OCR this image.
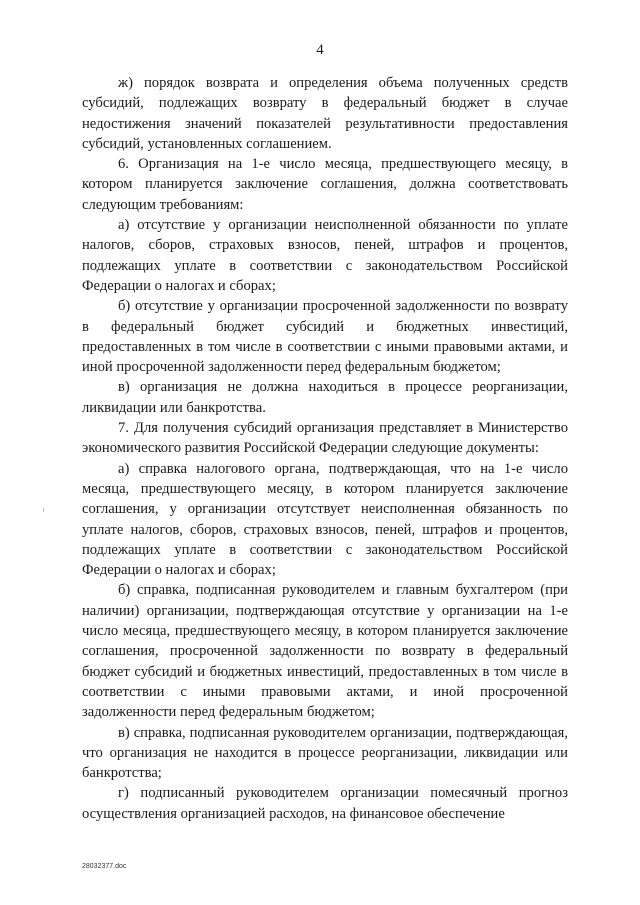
4

ж) порядок возврата и определения объема полученных средств субсидий, подлежащих возврату в федеральный бюджет в случае недостижения значений показателей результативности предоставления субсидий, установленных соглашением.

6. Организация на 1-е число месяца, предшествующего месяцу, в котором планируется заключение соглашения, должна соответствовать следующим требованиям:

а) отсутствие у организации неисполненной обязанности по уплате налогов, сборов, страховых взносов, пеней, штрафов и процентов, подлежащих уплате в соответствии с законодательством Российской Федерации о налогах и сборах;

б) отсутствие у организации просроченной задолженности по возврату в федеральный бюджет субсидий и бюджетных инвестиций, предоставленных в том числе в соответствии с иными правовыми актами, и иной просроченной задолженности перед федеральным бюджетом;

в) организация не должна находиться в процессе реорганизации, ликвидации или банкротства.

7. Для получения субсидий организация представляет в Министерство экономического развития Российской Федерации следующие документы:

а) справка налогового органа, подтверждающая, что на 1-е число месяца, предшествующего месяцу, в котором планируется заключение соглашения, у организации отсутствует неисполненная обязанность по уплате налогов, сборов, страховых взносов, пеней, штрафов и процентов, подлежащих уплате в соответствии с законодательством Российской Федерации о налогах и сборах;

б) справка, подписанная руководителем и главным бухгалтером (при наличии) организации, подтверждающая отсутствие у организации на 1-е число месяца, предшествующего месяцу, в котором планируется заключение соглашения, просроченной задолженности по возврату в федеральный бюджет субсидий и бюджетных инвестиций, предоставленных в том числе в соответствии с иными правовыми актами, и иной просроченной задолженности перед федеральным бюджетом;

в) справка, подписанная руководителем организации, подтверждающая, что организация не находится в процессе реорганизации, ликвидации или банкротства;

г) подписанный руководителем организации помесячный прогноз осуществления организацией расходов, на финансовое обеспечение

28032377.doc
